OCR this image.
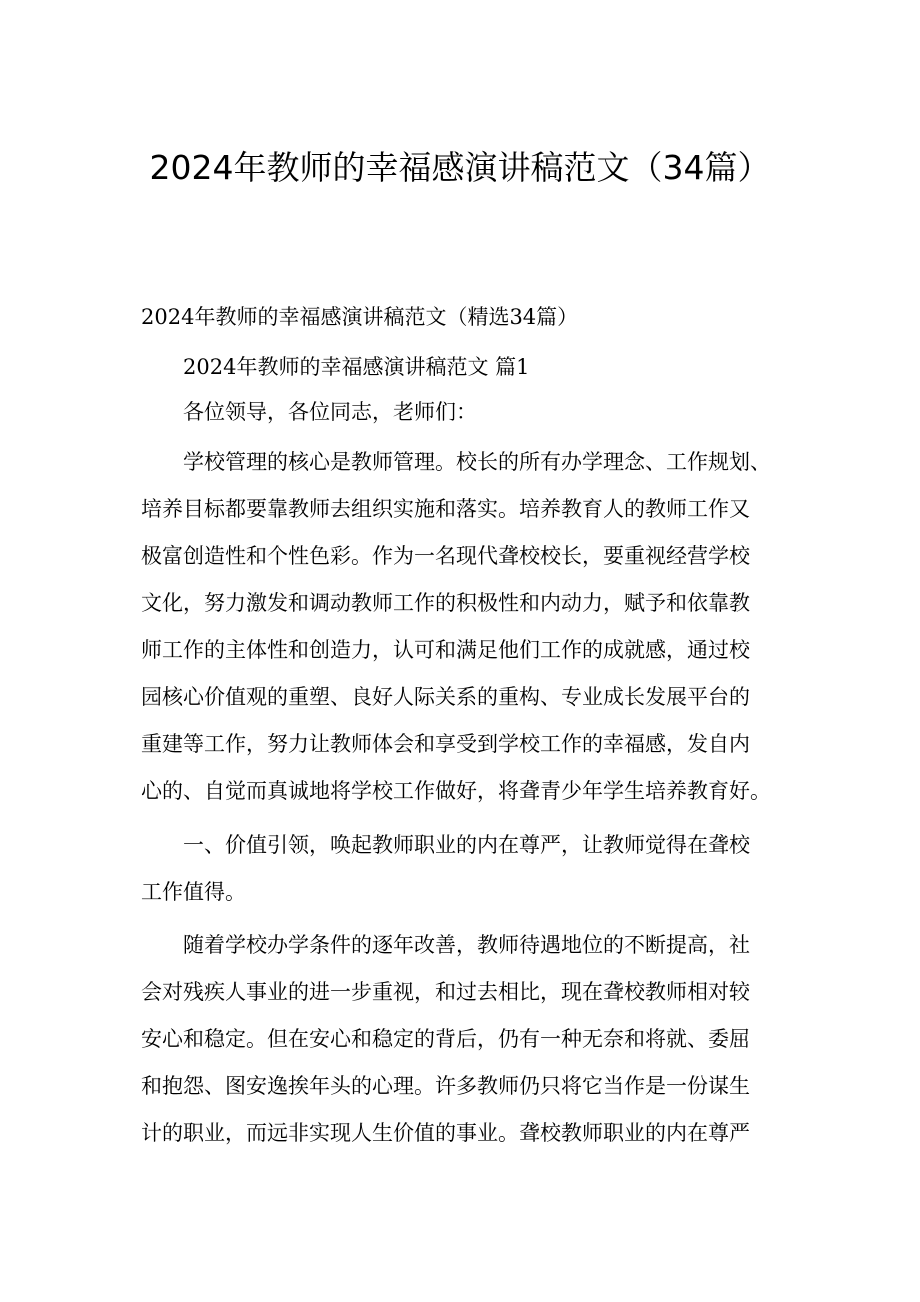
2024年教师的幸福感演讲稿范文（34篇）
2024年教师的幸福感演讲稿范文（精选34篇）
2024年教师的幸福感演讲稿范文 篇1
各位领导，各位同志，老师们：
学校管理的核心是教师管理。校长的所有办学理念、工作规划、
培养目标都要靠教师去组织实施和落实。培养教育人的教师工作又
极富创造性和个性色彩。作为一名现代聋校校长，要重视经营学校
文化，努力激发和调动教师工作的积极性和内动力，赋予和依靠教
师工作的主体性和创造力，认可和满足他们工作的成就感，通过校
园核心价值观的重塑、良好人际关系的重构、专业成长发展平台的
重建等工作，努力让教师体会和享受到学校工作的幸福感，发自内
心的、自觉而真诚地将学校工作做好，将聋青少年学生培养教育好。
一、价值引领，唤起教师职业的内在尊严，让教师觉得在聋校
工作值得。
随着学校办学条件的逐年改善，教师待遇地位的不断提高，社
会对残疾人事业的进一步重视，和过去相比，现在聋校教师相对较
安心和稳定。但在安心和稳定的背后，仍有一种无奈和将就、委屈
和抱怨、图安逸挨年头的心理。许多教师仍只将它当作是一份谋生
计的职业，而远非实现人生价值的事业。聋校教师职业的内在尊严
